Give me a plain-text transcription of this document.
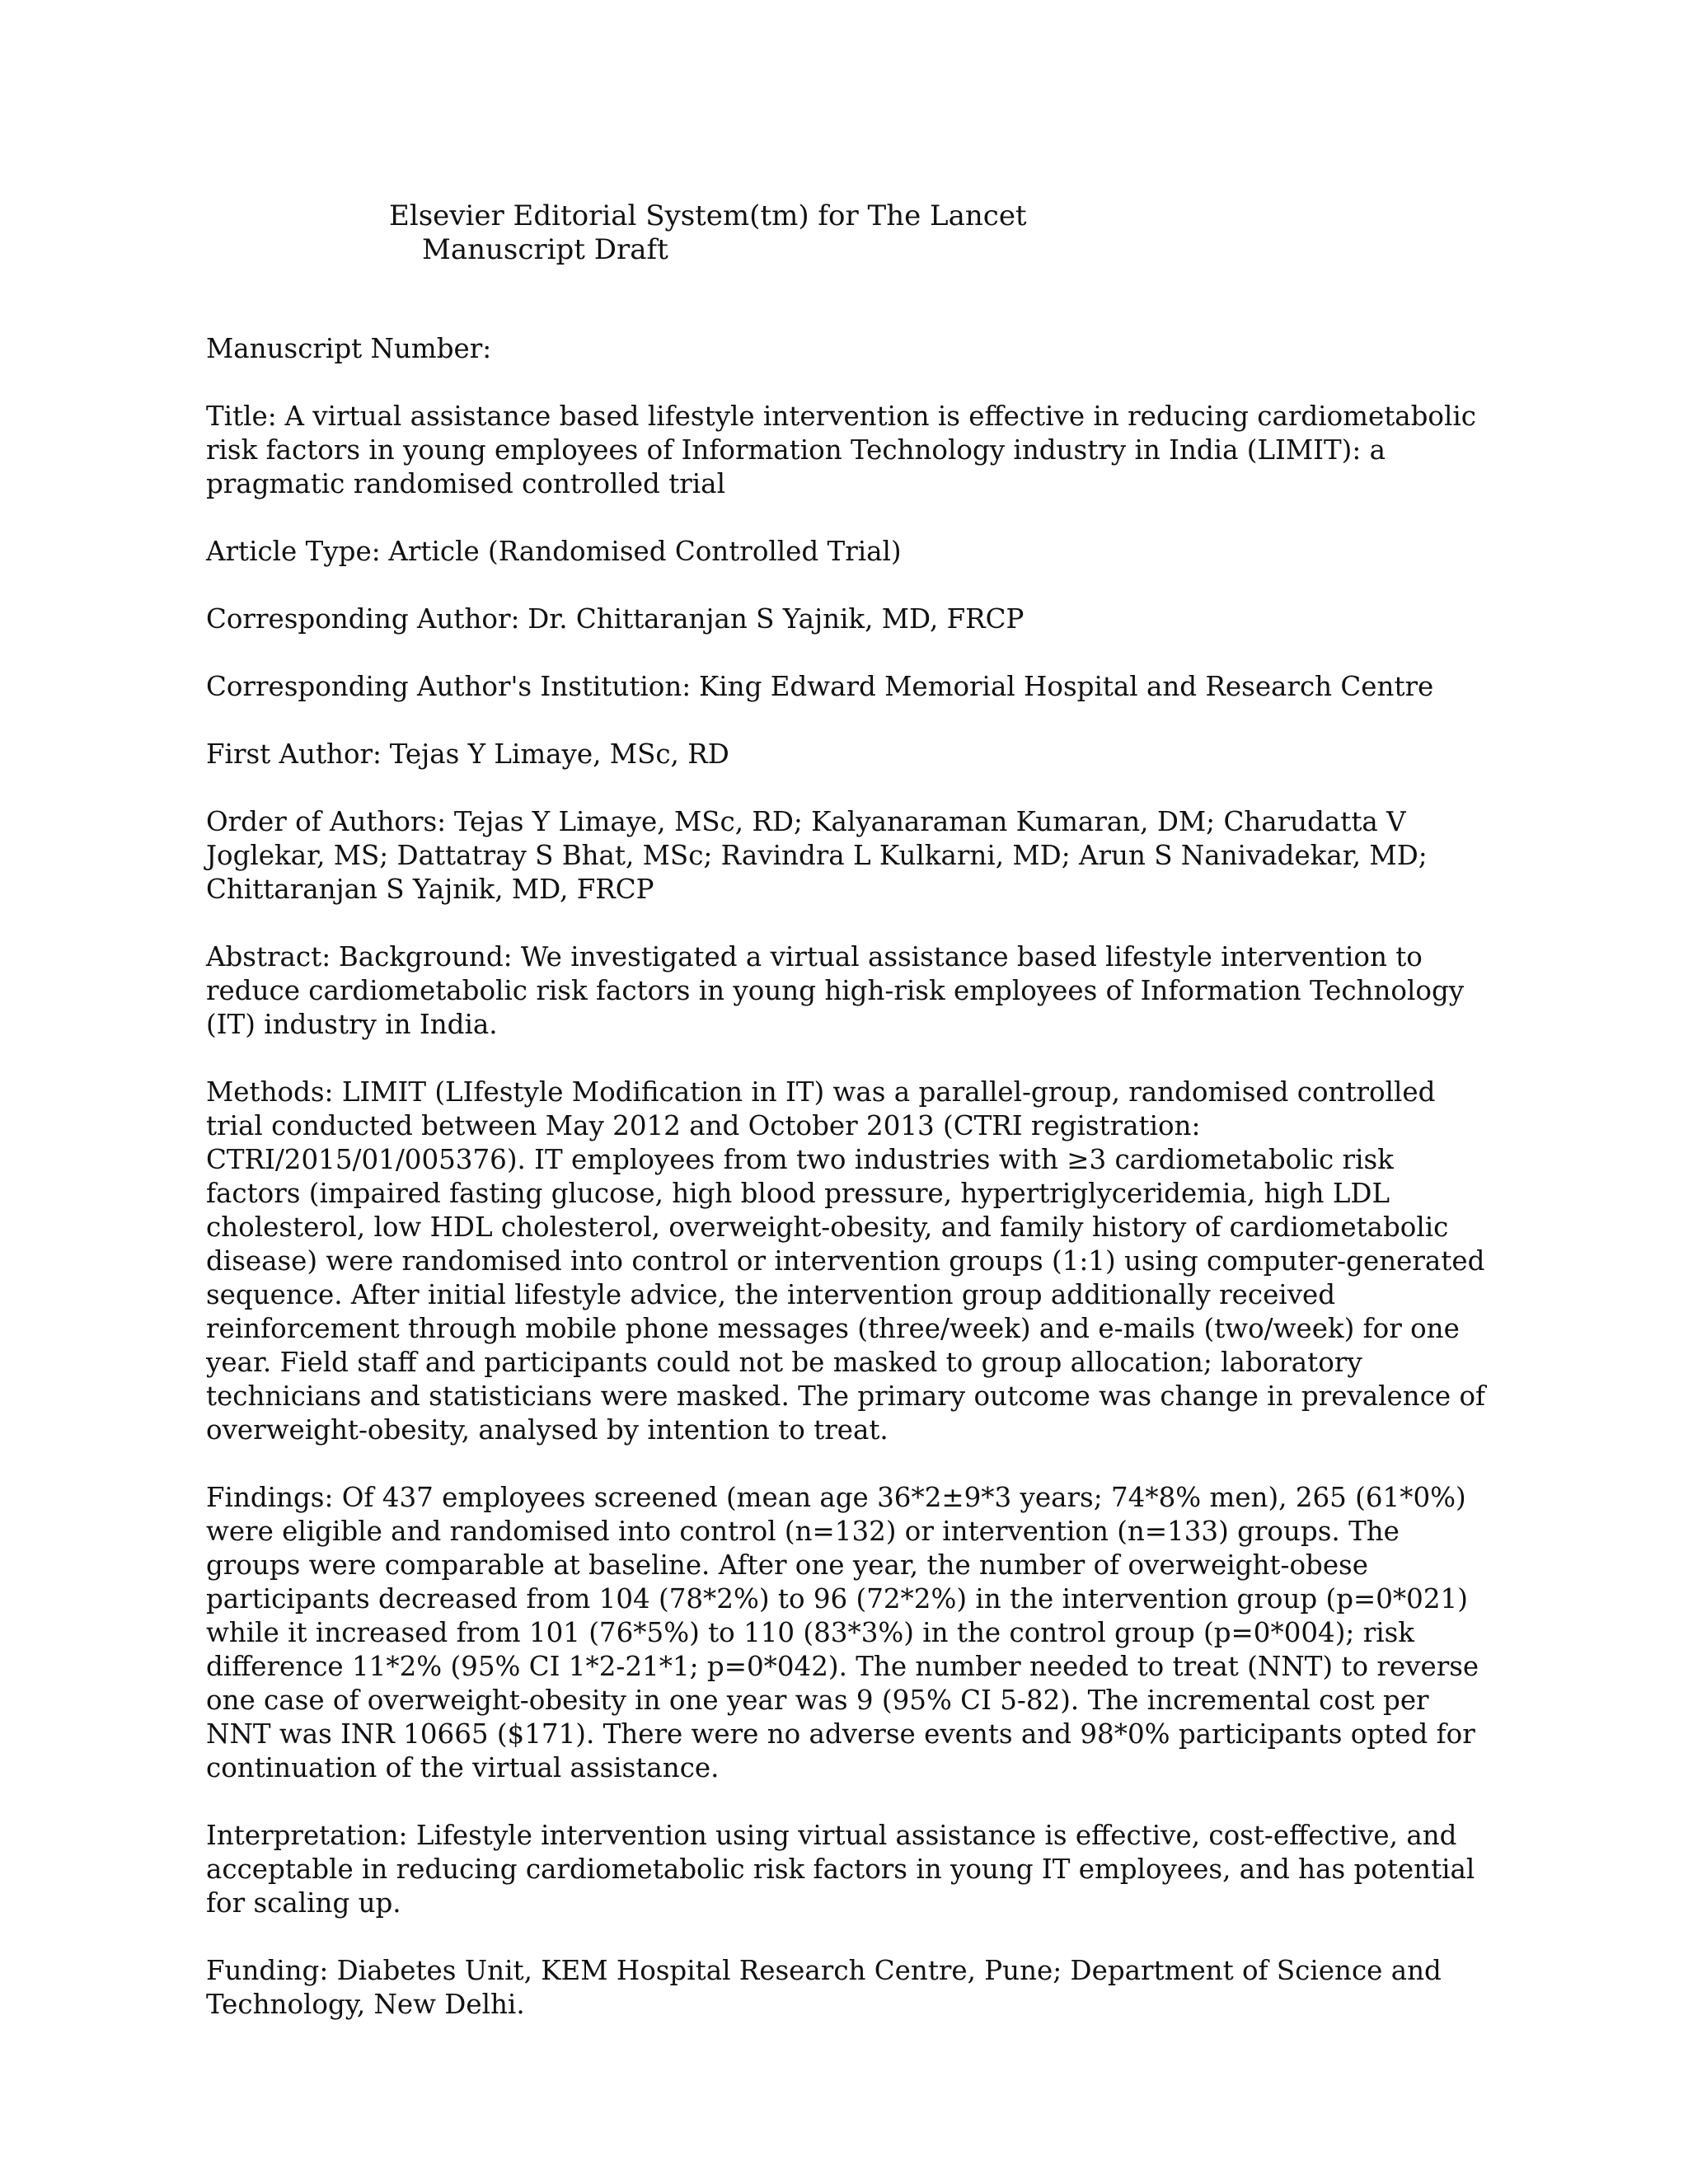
Elsevier Editorial System(tm) for The Lancet
Manuscript Draft

Manuscript Number:

Title: A virtual assistance based lifestyle intervention is effective in reducing cardiometabolic risk factors in young employees of Information Technology industry in India (LIMIT): a pragmatic randomised controlled trial

Article Type: Article (Randomised Controlled Trial)

Corresponding Author: Dr. Chittaranjan S Yajnik, MD, FRCP

Corresponding Author's Institution: King Edward Memorial Hospital and Research Centre

First Author: Tejas Y Limaye, MSc, RD

Order of Authors: Tejas Y Limaye, MSc, RD; Kalyanaraman Kumaran, DM; Charudatta V Joglekar, MS; Dattatray S Bhat, MSc; Ravindra L Kulkarni, MD; Arun S Nanivadekar, MD; Chittaranjan S Yajnik, MD, FRCP

Abstract: Background: We investigated a virtual assistance based lifestyle intervention to reduce cardiometabolic risk factors in young high-risk employees of Information Technology (IT) industry in India.

Methods: LIMIT (LIfestyle Modification in IT) was a parallel-group, randomised controlled trial conducted between May 2012 and October 2013 (CTRI registration: CTRI/2015/01/005376). IT employees from two industries with ≥3 cardiometabolic risk factors (impaired fasting glucose, high blood pressure, hypertriglyceridemia, high LDL cholesterol, low HDL cholesterol, overweight-obesity, and family history of cardiometabolic disease) were randomised into control or intervention groups (1:1) using computer-generated sequence. After initial lifestyle advice, the intervention group additionally received reinforcement through mobile phone messages (three/week) and e-mails (two/week) for one year. Field staff and participants could not be masked to group allocation; laboratory technicians and statisticians were masked. The primary outcome was change in prevalence of overweight-obesity, analysed by intention to treat.

Findings: Of 437 employees screened (mean age 36*2±9*3 years; 74*8% men), 265 (61*0%) were eligible and randomised into control (n=132) or intervention (n=133) groups. The groups were comparable at baseline. After one year, the number of overweight-obese participants decreased from 104 (78*2%) to 96 (72*2%) in the intervention group (p=0*021) while it increased from 101 (76*5%) to 110 (83*3%) in the control group (p=0*004); risk difference 11*2% (95% CI 1*2-21*1; p=0*042). The number needed to treat (NNT) to reverse one case of overweight-obesity in one year was 9 (95% CI 5-82). The incremental cost per NNT was INR 10665 ($171). There were no adverse events and 98*0% participants opted for continuation of the virtual assistance.

Interpretation: Lifestyle intervention using virtual assistance is effective, cost-effective, and acceptable in reducing cardiometabolic risk factors in young IT employees, and has potential for scaling up.

Funding: Diabetes Unit, KEM Hospital Research Centre, Pune; Department of Science and Technology, New Delhi.
